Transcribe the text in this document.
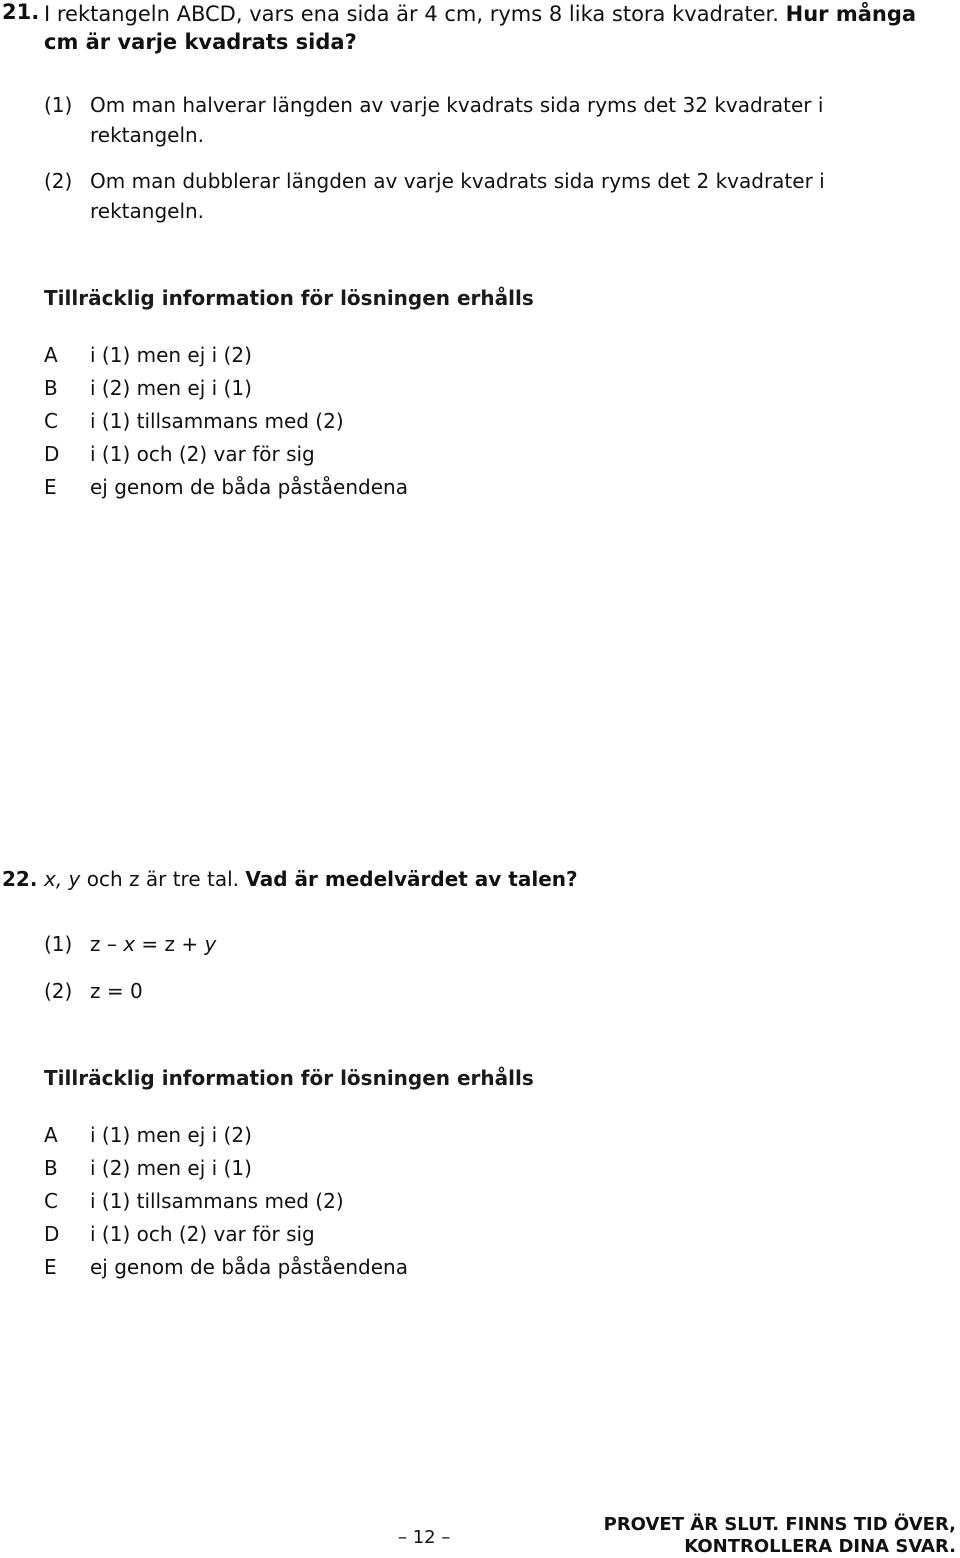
21. I rektangeln ABCD, vars ena sida är 4 cm, ryms 8 lika stora kvadrater. Hur många
cm är varje kvadrats sida?
(1) Om man halverar längden av varje kvadrats sida ryms det 32 kvadrater i
rektangeln.
(2) Om man dubblerar längden av varje kvadrats sida ryms det 2 kvadrater i
rektangeln.
Tillräcklig information för lösningen erhålls
A i (1) men ej i (2)
B i (2) men ej i (1)
C i (1) tillsammans med (2)
D i (1) och (2) var för sig
E ej genom de båda påståendena
22. x, y och z är tre tal. Vad är medelvärdet av talen?
(1) z – x = z + y
(2) z = 0
Tillräcklig information för lösningen erhålls
A i (1) men ej i (2)
B i (2) men ej i (1)
C i (1) tillsammans med (2)
D i (1) och (2) var för sig
E ej genom de båda påståendena
– 12 –
PROVET ÄR SLUT. FINNS TID ÖVER,
KONTROLLERA DINA SVAR.
